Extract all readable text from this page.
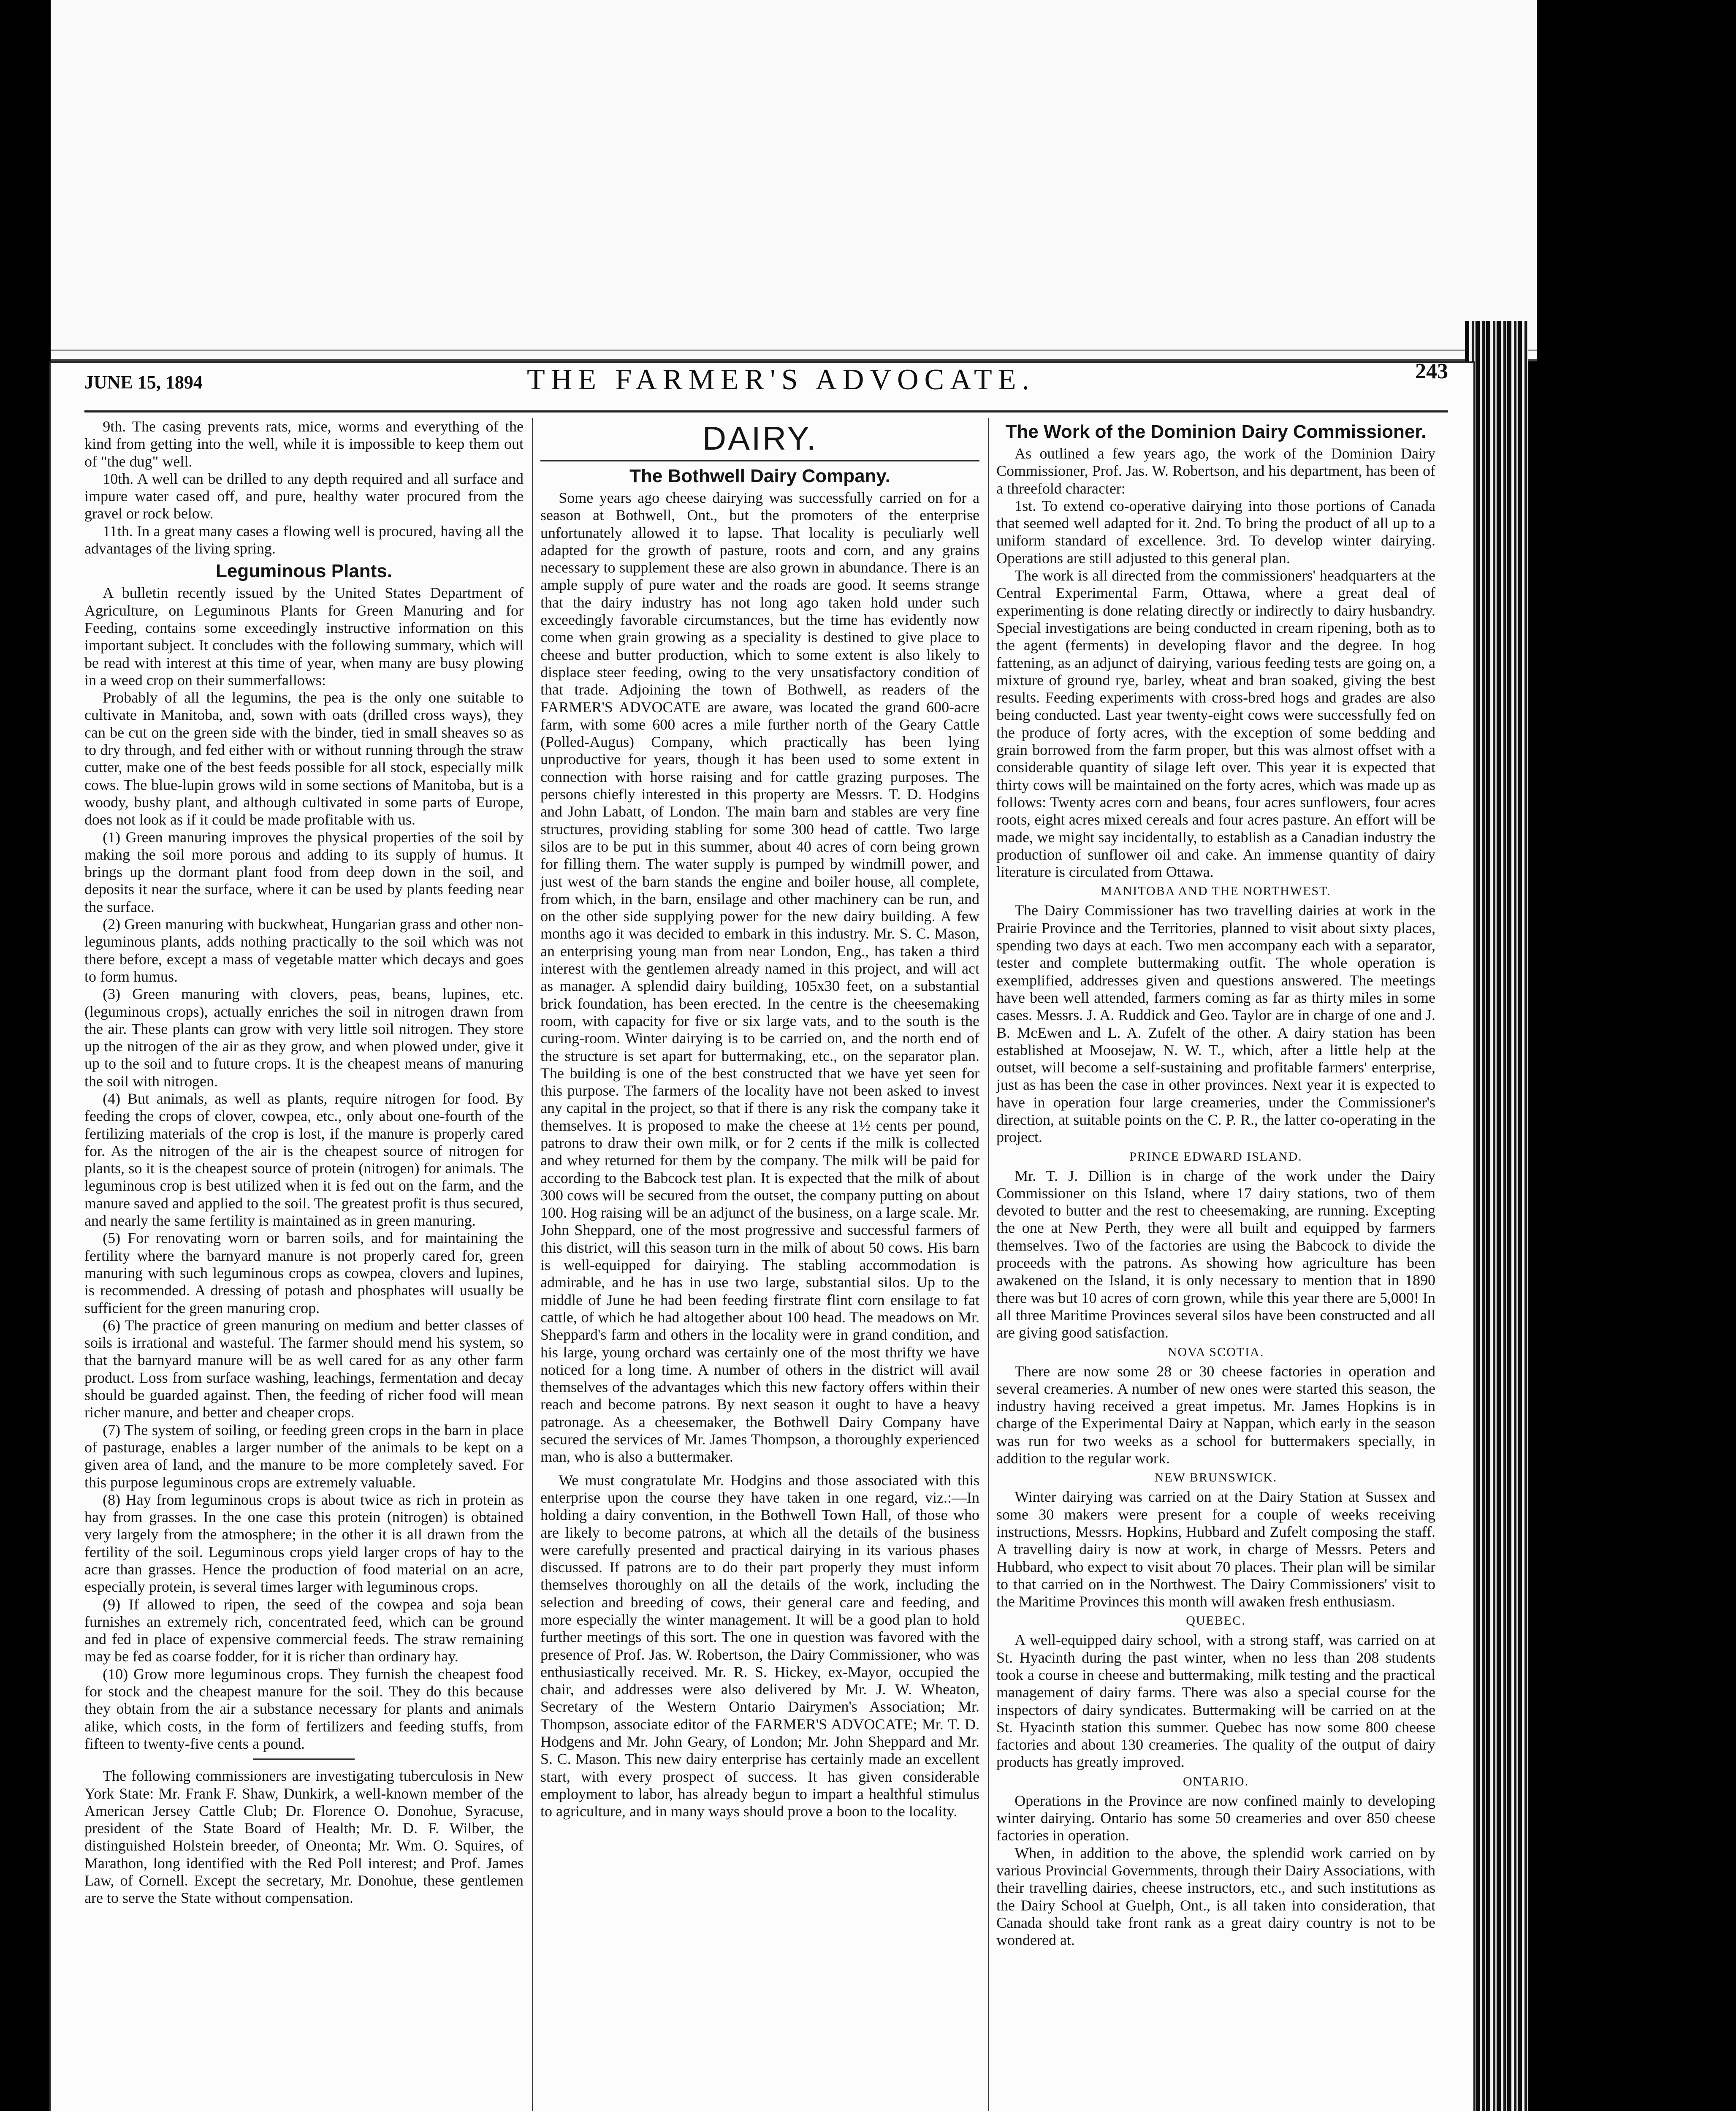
JUNE 15, 1894	THE FARMER'S ADVOCATE.	243

9th. The casing prevents rats, mice, worms and everything of the kind from getting into the well, while it is impossible to keep them out of "the dug" well.

10th. A well can be drilled to any depth required and all surface and impure water cased off, and pure, healthy water procured from the gravel or rock below.

11th. In a great many cases a flowing well is procured, having all the advantages of the living spring.

Leguminous Plants.

A bulletin recently issued by the United States Department of Agriculture, on Leguminous Plants for Green Manuring and for Feeding, contains some exceedingly instructive information on this important subject. It concludes with the following summary, which will be read with interest at this time of year, when many are busy plowing in a weed crop on their summerfallows:

Probably of all the legumins, the pea is the only one suitable to cultivate in Manitoba, and, sown with oats (drilled cross ways), they can be cut on the green side with the binder, tied in small sheaves so as to dry through, and fed either with or without running through the straw cutter, make one of the best feeds possible for all stock, especially milk cows. The blue-lupin grows wild in some sections of Manitoba, but is a woody, bushy plant, and although cultivated in some parts of Europe, does not look as if it could be made profitable with us.

(1) Green manuring improves the physical properties of the soil by making the soil more porous and adding to its supply of humus. It brings up the dormant plant food from deep down in the soil, and deposits it near the surface, where it can be used by plants feeding near the surface.

(2) Green manuring with buckwheat, Hungarian grass and other non-leguminous plants, adds nothing practically to the soil which was not there before, except a mass of vegetable matter which decays and goes to form humus.

(3) Green manuring with clovers, peas, beans, lupines, etc. (leguminous crops), actually enriches the soil in nitrogen drawn from the air. These plants can grow with very little soil nitrogen. They store up the nitrogen of the air as they grow, and when plowed under, give it up to the soil and to future crops. It is the cheapest means of manuring the soil with nitrogen.

(4) But animals, as well as plants, require nitrogen for food. By feeding the crops of clover, cowpea, etc., only about one-fourth of the fertilizing materials of the crop is lost, if the manure is properly cared for. As the nitrogen of the air is the cheapest source of nitrogen for plants, so it is the cheapest source of protein (nitrogen) for animals. The leguminous crop is best utilized when it is fed out on the farm, and the manure saved and applied to the soil. The greatest profit is thus secured, and nearly the same fertility is maintained as in green manuring.

(5) For renovating worn or barren soils, and for maintaining the fertility where the barnyard manure is not properly cared for, green manuring with such leguminous crops as cowpea, clovers and lupines, is recommended. A dressing of potash and phosphates will usually be sufficient for the green manuring crop.

(6) The practice of green manuring on medium and better classes of soils is irrational and wasteful. The farmer should mend his system, so that the barnyard manure will be as well cared for as any other farm product. Loss from surface washing, leachings, fermentation and decay should be guarded against. Then, the feeding of richer food will mean richer manure, and better and cheaper crops.

(7) The system of soiling, or feeding green crops in the barn in place of pasturage, enables a larger number of the animals to be kept on a given area of land, and the manure to be more completely saved. For this purpose leguminous crops are extremely valuable.

(8) Hay from leguminous crops is about twice as rich in protein as hay from grasses. In the one case this protein (nitrogen) is obtained very largely from the atmosphere; in the other it is all drawn from the fertility of the soil. Leguminous crops yield larger crops of hay to the acre than grasses. Hence the production of food material on an acre, especially protein, is several times larger with leguminous crops.

(9) If allowed to ripen, the seed of the cowpea and soja bean furnishes an extremely rich, concentrated feed, which can be ground and fed in place of expensive commercial feeds. The straw remaining may be fed as coarse fodder, for it is richer than ordinary hay.

(10) Grow more leguminous crops. They furnish the cheapest food for stock and the cheapest manure for the soil. They do this because they obtain from the air a substance necessary for plants and animals alike, which costs, in the form of fertilizers and feeding stuffs, from fifteen to twenty-five cents a pound.

The following commissioners are investigating tuberculosis in New York State: Mr. Frank F. Shaw, Dunkirk, a well-known member of the American Jersey Cattle Club; Dr. Florence O. Donohue, Syracuse, president of the State Board of Health; Mr. D. F. Wilber, the distinguished Holstein breeder, of Oneonta; Mr. Wm. O. Squires, of Marathon, long identified with the Red Poll interest; and Prof. James Law, of Cornell. Except the secretary, Mr. Donohue, these gentlemen are to serve the State without compensation.

DAIRY.
The Bothwell Dairy Company.

Some years ago cheese dairying was successfully carried on for a season at Bothwell, Ont., but the promoters of the enterprise unfortunately allowed it to lapse. That locality is peculiarly well adapted for the growth of pasture, roots and corn, and any grains necessary to supplement these are also grown in abundance. There is an ample supply of pure water and the roads are good. It seems strange that the dairy industry has not long ago taken hold under such exceedingly favorable circumstances, but the time has evidently now come when grain growing as a speciality is destined to give place to cheese and butter production, which to some extent is also likely to displace steer feeding, owing to the very unsatisfactory condition of that trade. Adjoining the town of Bothwell, as readers of the FARMER'S ADVOCATE are aware, was located the grand 600-acre farm, with some 600 acres a mile further north of the Geary Cattle (Polled-Augus) Company, which practically has been lying unproductive for years, though it has been used to some extent in connection with horse raising and for cattle grazing purposes. The persons chiefly interested in this property are Messrs. T. D. Hodgins and John Labatt, of London. The main barn and stables are very fine structures, providing stabling for some 300 head of cattle. Two large silos are to be put in this summer, about 40 acres of corn being grown for filling them. The water supply is pumped by windmill power, and just west of the barn stands the engine and boiler house, all complete, from which, in the barn, ensilage and other machinery can be run, and on the other side supplying power for the new dairy building. A few months ago it was decided to embark in this industry. Mr. S. C. Mason, an enterprising young man from near London, Eng., has taken a third interest with the gentlemen already named in this project, and will act as manager. A splendid dairy building, 105x30 feet, on a substantial brick foundation, has been erected. In the centre is the cheesemaking room, with capacity for five or six large vats, and to the south is the curing-room. Winter dairying is to be carried on, and the north end of the structure is set apart for buttermaking, etc., on the separator plan. The building is one of the best constructed that we have yet seen for this purpose. The farmers of the locality have not been asked to invest any capital in the project, so that if there is any risk the company take it themselves. It is proposed to make the cheese at 1½ cents per pound, patrons to draw their own milk, or for 2 cents if the milk is collected and whey returned for them by the company. The milk will be paid for according to the Babcock test plan. It is expected that the milk of about 300 cows will be secured from the outset, the company putting on about 100. Hog raising will be an adjunct of the business, on a large scale. Mr. John Sheppard, one of the most progressive and successful farmers of this district, will this season turn in the milk of about 50 cows. His barn is well-equipped for dairying. The stabling accommodation is admirable, and he has in use two large, substantial silos. Up to the middle of June he had been feeding firstrate flint corn ensilage to fat cattle, of which he had altogether about 100 head. The meadows on Mr. Sheppard's farm and others in the locality were in grand condition, and his large, young orchard was certainly one of the most thrifty we have noticed for a long time. A number of others in the district will avail themselves of the advantages which this new factory offers within their reach and become patrons. By next season it ought to have a heavy patronage. As a cheesemaker, the Bothwell Dairy Company have secured the services of Mr. James Thompson, a thoroughly experienced man, who is also a buttermaker.

We must congratulate Mr. Hodgins and those associated with this enterprise upon the course they have taken in one regard, viz.:—In holding a dairy convention, in the Bothwell Town Hall, of those who are likely to become patrons, at which all the details of the business were carefully presented and practical dairying in its various phases discussed. If patrons are to do their part properly they must inform themselves thoroughly on all the details of the work, including the selection and breeding of cows, their general care and feeding, and more especially the winter management. It will be a good plan to hold further meetings of this sort. The one in question was favored with the presence of Prof. Jas. W. Robertson, the Dairy Commissioner, who was enthusiastically received. Mr. R. S. Hickey, ex-Mayor, occupied the chair, and addresses were also delivered by Mr. J. W. Wheaton, Secretary of the Western Ontario Dairymen's Association; Mr. Thompson, associate editor of the FARMER'S ADVOCATE; Mr. T. D. Hodgens and Mr. John Geary, of London; Mr. John Sheppard and Mr. S. C. Mason. This new dairy enterprise has certainly made an excellent start, with every prospect of success. It has given considerable employment to labor, has already begun to impart a healthful stimulus to agriculture, and in many ways should prove a boon to the locality.

The Work of the Dominion Dairy Commissioner.

As outlined a few years ago, the work of the Dominion Dairy Commissioner, Prof. Jas. W. Robertson, and his department, has been of a threefold character:

1st. To extend co-operative dairying into those portions of Canada that seemed well adapted for it. 2nd. To bring the product of all up to a uniform standard of excellence. 3rd. To develop winter dairying. Operations are still adjusted to this general plan.

The work is all directed from the commissioners' headquarters at the Central Experimental Farm, Ottawa, where a great deal of experimenting is done relating directly or indirectly to dairy husbandry. Special investigations are being conducted in cream ripening, both as to the agent (ferments) in developing flavor and the degree. In hog fattening, as an adjunct of dairying, various feeding tests are going on, a mixture of ground rye, barley, wheat and bran soaked, giving the best results. Feeding experiments with cross-bred hogs and grades are also being conducted. Last year twenty-eight cows were successfully fed on the produce of forty acres, with the exception of some bedding and grain borrowed from the farm proper, but this was almost offset with a considerable quantity of silage left over. This year it is expected that thirty cows will be maintained on the forty acres, which was made up as follows: Twenty acres corn and beans, four acres sunflowers, four acres roots, eight acres mixed cereals and four acres pasture. An effort will be made, we might say incidentally, to establish as a Canadian industry the production of sunflower oil and cake. An immense quantity of dairy literature is circulated from Ottawa.

MANITOBA AND THE NORTHWEST.

The Dairy Commissioner has two travelling dairies at work in the Prairie Province and the Territories, planned to visit about sixty places, spending two days at each. Two men accompany each with a separator, tester and complete buttermaking outfit. The whole operation is exemplified, addresses given and questions answered. The meetings have been well attended, farmers coming as far as thirty miles in some cases. Messrs. J. A. Ruddick and Geo. Taylor are in charge of one and J. B. McEwen and L. A. Zufelt of the other. A dairy station has been established at Moosejaw, N. W. T., which, after a little help at the outset, will become a self-sustaining and profitable farmers' enterprise, just as has been the case in other provinces. Next year it is expected to have in operation four large creameries, under the Commissioner's direction, at suitable points on the C. P. R., the latter co-operating in the project.

PRINCE EDWARD ISLAND.

Mr. T. J. Dillion is in charge of the work under the Dairy Commissioner on this Island, where 17 dairy stations, two of them devoted to butter and the rest to cheesemaking, are running. Excepting the one at New Perth, they were all built and equipped by farmers themselves. Two of the factories are using the Babcock to divide the proceeds with the patrons. As showing how agriculture has been awakened on the Island, it is only necessary to mention that in 1890 there was but 10 acres of corn grown, while this year there are 5,000! In all three Maritime Provinces several silos have been constructed and all are giving good satisfaction.

NOVA SCOTIA.

There are now some 28 or 30 cheese factories in operation and several creameries. A number of new ones were started this season, the industry having received a great impetus. Mr. James Hopkins is in charge of the Experimental Dairy at Nappan, which early in the season was run for two weeks as a school for buttermakers specially, in addition to the regular work.

NEW BRUNSWICK.

Winter dairying was carried on at the Dairy Station at Sussex and some 30 makers were present for a couple of weeks receiving instructions, Messrs. Hopkins, Hubbard and Zufelt composing the staff. A travelling dairy is now at work, in charge of Messrs. Peters and Hubbard, who expect to visit about 70 places. Their plan will be similar to that carried on in the Northwest. The Dairy Commissioners' visit to the Maritime Provinces this month will awaken fresh enthusiasm.

QUEBEC.

A well-equipped dairy school, with a strong staff, was carried on at St. Hyacinth during the past winter, when no less than 208 students took a course in cheese and buttermaking, milk testing and the practical management of dairy farms. There was also a special course for the inspectors of dairy syndicates. Buttermaking will be carried on at the St. Hyacinth station this summer. Quebec has now some 800 cheese factories and about 130 creameries. The quality of the output of dairy products has greatly improved.

ONTARIO.

Operations in the Province are now confined mainly to developing winter dairying. Ontario has some 50 creameries and over 850 cheese factories in operation.

When, in addition to the above, the splendid work carried on by various Provincial Governments, through their Dairy Associations, with their travelling dairies, cheese instructors, etc., and such institutions as the Dairy School at Guelph, Ont., is all taken into consideration, that Canada should take front rank as a great dairy country is not to be wondered at.
